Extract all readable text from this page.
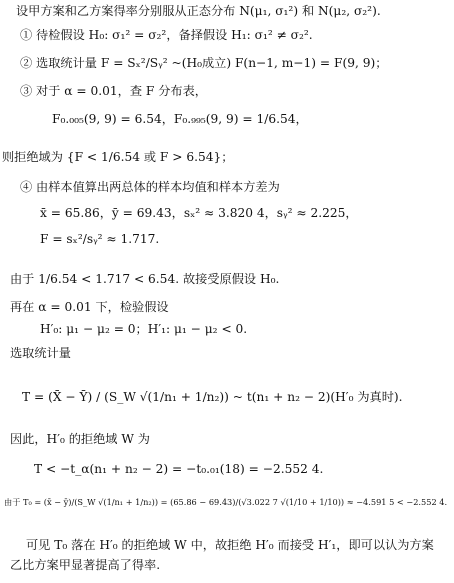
设甲方案和乙方案得率分别服从正态分布 N(μ₁, σ₁²) 和 N(μ₂, σ₂²).
① 待检假设 H₀: σ₁² = σ₂²，备择假设 H₁: σ₁² ≠ σ₂².
② 选取统计量 F = Sₓ²/Sᵧ² ~(H₀成立) F(n−1, m−1) = F(9, 9)；
③ 对于 α = 0.01，查 F 分布表，
F₀.₀₀₅(9, 9) = 6.54，F₀.₉₉₅(9, 9) = 1/6.54，
则拒绝域为 {F < 1/6.54 或 F > 6.54}；
④ 由样本值算出两总体的样本均值和样本方差为
x̄ = 65.86，ȳ = 69.43，sₓ² ≈ 3.820 4，sᵧ² ≈ 2.225，
F = sₓ²/sᵧ² ≈ 1.717.
由于 1/6.54 < 1.717 < 6.54. 故接受原假设 H₀.
再在 α = 0.01 下，检验假设
H′₀: μ₁ − μ₂ = 0；H′₁: μ₁ − μ₂ < 0.
选取统计量
T = (X̄ − Ȳ) / (S_W √(1/n₁ + 1/n₂)) ~ t(n₁ + n₂ − 2)(H′₀ 为真时).
因此，H′₀ 的拒绝域 W 为
T < −t_α(n₁ + n₂ − 2) = −t₀.₀₁(18) = −2.552 4.
由于 T₀ = (x̄ − ȳ)/(S_W √(1/n₁ + 1/n₂)) = (65.86 − 69.43)/(√3.022 7 √(1/10 + 1/10)) ≈ −4.591 5 < −2.552 4.
可见 T₀ 落在 H′₀ 的拒绝域 W 中，故拒绝 H′₀ 而接受 H′₁，即可以认为方案
乙比方案甲显著提高了得率.
